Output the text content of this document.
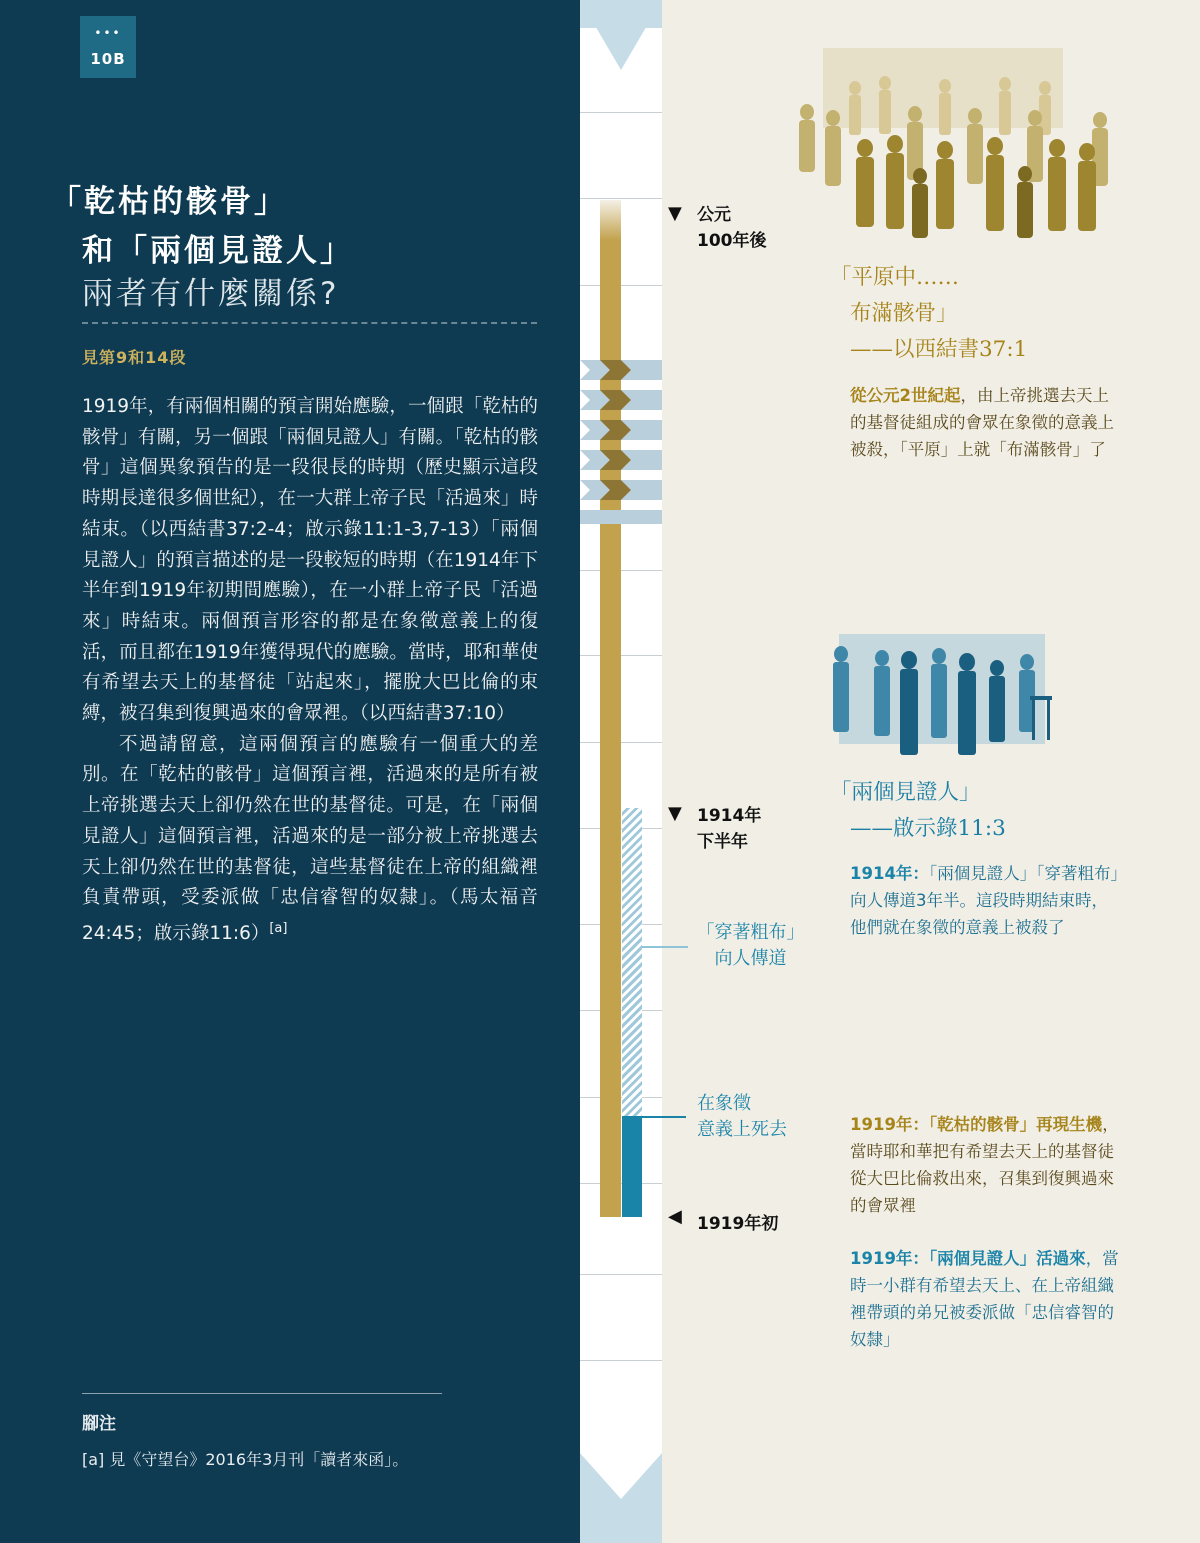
•••
10B
「乾枯的骸骨」
和「兩個見證人」
兩者有什麼關係?
見第9和14段

1919年，有兩個相關的預言開始應驗，一個跟「乾枯的骸骨」有關，另一個跟「兩個見證人」有關。「乾枯的骸骨」這個異象預告的是一段很長的時期（歷史顯示這段時期長達很多個世紀），在一大群上帝子民「活過來」時結束。（以西結書37:2-4；啟示錄11:1-3,7-13）「兩個見證人」的預言描述的是一段較短的時期（在1914年下半年到1919年初期間應驗），在一小群上帝子民「活過來」時結束。兩個預言形容的都是在象徵意義上的復活，而且都在1919年獲得現代的應驗。當時，耶和華使有希望去天上的基督徒「站起來」，擺脫大巴比倫的束縛，被召集到復興過來的會眾裡。（以西結書37:10）

不過請留意，這兩個預言的應驗有一個重大的差別。在「乾枯的骸骨」這個預言裡，活過來的是所有被上帝挑選去天上卻仍然在世的基督徒。可是，在「兩個見證人」這個預言裡，活過來的是一部分被上帝挑選去天上卻仍然在世的基督徒，這些基督徒在上帝的組織裡負責帶頭，受委派做「忠信睿智的奴隸」。（馬太福音24:45；啟示錄11:6）[a]

腳注
[a] 見《守望台》2016年3月刊「讀者來函」。
▼ 公元
100年後
▼ 1914年
下半年
「穿著粗布」
向人傳道
在象徵
意義上死去
◀ 1919年初
「平原中……
布滿骸骨」
——以西結書37:1
從公元2世紀起，由上帝挑選去天上的基督徒組成的會眾在象徵的意義上被殺，「平原」上就「布滿骸骨」了
「兩個見證人」
——啟示錄11:3
1914年：「兩個見證人」「穿著粗布」向人傳道3年半。這段時期結束時，他們就在象徵的意義上被殺了
1919年：「乾枯的骸骨」再現生機，當時耶和華把有希望去天上的基督徒從大巴比倫救出來，召集到復興過來的會眾裡
1919年：「兩個見證人」活過來，當時一小群有希望去天上、在上帝組織裡帶頭的弟兄被委派做「忠信睿智的奴隸」
